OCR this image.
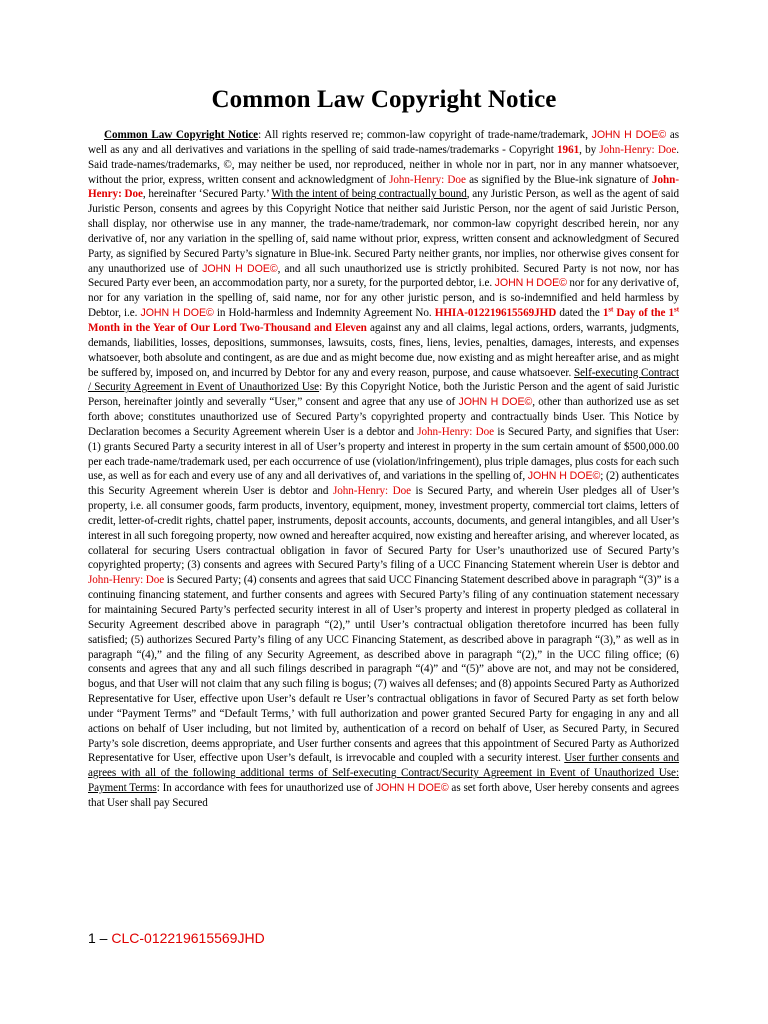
Common Law Copyright Notice
Common Law Copyright Notice: All rights reserved re; common-law copyright of trade-name/trademark, JOHN H DOE© as well as any and all derivatives and variations in the spelling of said trade-names/trademarks - Copyright 1961, by John-Henry: Doe. Said trade-names/trademarks, ©, may neither be used, nor reproduced, neither in whole nor in part, nor in any manner whatsoever, without the prior, express, written consent and acknowledgment of John-Henry: Doe as signified by the Blue-ink signature of John-Henry: Doe, hereinafter ‘Secured Party.’ With the intent of being contractually bound, any Juristic Person, as well as the agent of said Juristic Person, consents and agrees by this Copyright Notice that neither said Juristic Person, nor the agent of said Juristic Person, shall display, nor otherwise use in any manner, the trade-name/trademark, nor common-law copyright described herein, nor any derivative of, nor any variation in the spelling of, said name without prior, express, written consent and acknowledgment of Secured Party, as signified by Secured Party’s signature in Blue-ink. Secured Party neither grants, nor implies, nor otherwise gives consent for any unauthorized use of JOHN H DOE©, and all such unauthorized use is strictly prohibited. Secured Party is not now, nor has Secured Party ever been, an accommodation party, nor a surety, for the purported debtor, i.e. JOHN H DOE© nor for any derivative of, nor for any variation in the spelling of, said name, nor for any other juristic person, and is so-indemnified and held harmless by Debtor, i.e. JOHN H DOE© in Hold-harmless and Indemnity Agreement No. HHIA-012219615569JHD dated the 1st Day of the 1st Month in the Year of Our Lord Two-Thousand and Eleven against any and all claims, legal actions, orders, warrants, judgments, demands, liabilities, losses, depositions, summonses, lawsuits, costs, fines, liens, levies, penalties, damages, interests, and expenses whatsoever, both absolute and contingent, as are due and as might become due, now existing and as might hereafter arise, and as might be suffered by, imposed on, and incurred by Debtor for any and every reason, purpose, and cause whatsoever. Self-executing Contract / Security Agreement in Event of Unauthorized Use: By this Copyright Notice, both the Juristic Person and the agent of said Juristic Person, hereinafter jointly and severally “User,” consent and agree that any use of JOHN H DOE©, other than authorized use as set forth above; constitutes unauthorized use of Secured Party’s copyrighted property and contractually binds User. This Notice by Declaration becomes a Security Agreement wherein User is a debtor and John-Henry: Doe is Secured Party, and signifies that User: (1) grants Secured Party a security interest in all of User’s property and interest in property in the sum certain amount of $500,000.00 per each trade-name/trademark used, per each occurrence of use (violation/infringement), plus triple damages, plus costs for each such use, as well as for each and every use of any and all derivatives of, and variations in the spelling of, JOHN H DOE©; (2) authenticates this Security Agreement wherein User is debtor and John-Henry: Doe is Secured Party, and wherein User pledges all of User’s property, i.e. all consumer goods, farm products, inventory, equipment, money, investment property, commercial tort claims, letters of credit, letter-of-credit rights, chattel paper, instruments, deposit accounts, accounts, documents, and general intangibles, and all User’s interest in all such foregoing property, now owned and hereafter acquired, now existing and hereafter arising, and wherever located, as collateral for securing Users contractual obligation in favor of Secured Party for User’s unauthorized use of Secured Party’s copyrighted property; (3) consents and agrees with Secured Party’s filing of a UCC Financing Statement wherein User is debtor and John-Henry: Doe is Secured Party; (4) consents and agrees that said UCC Financing Statement described above in paragraph “(3)” is a continuing financing statement, and further consents and agrees with Secured Party’s filing of any continuation statement necessary for maintaining Secured Party’s perfected security interest in all of User’s property and interest in property pledged as collateral in Security Agreement described above in paragraph “(2),” until User’s contractual obligation theretofore incurred has been fully satisfied; (5) authorizes Secured Party’s filing of any UCC Financing Statement, as described above in paragraph “(3),” as well as in paragraph “(4),” and the filing of any Security Agreement, as described above in paragraph “(2),” in the UCC filing office; (6) consents and agrees that any and all such filings described in paragraph “(4)” and “(5)” above are not, and may not be considered, bogus, and that User will not claim that any such filing is bogus; (7) waives all defenses; and (8) appoints Secured Party as Authorized Representative for User, effective upon User’s default re User’s contractual obligations in favor of Secured Party as set forth below under “Payment Terms” and “Default Terms,’ with full authorization and power granted Secured Party for engaging in any and all actions on behalf of User including, but not limited by, authentication of a record on behalf of User, as Secured Party, in Secured Party’s sole discretion, deems appropriate, and User further consents and agrees that this appointment of Secured Party as Authorized Representative for User, effective upon User’s default, is irrevocable and coupled with a security interest. User further consents and agrees with all of the following additional terms of Self-executing Contract/Security Agreement in Event of Unauthorized Use: Payment Terms: In accordance with fees for unauthorized use of JOHN H DOE© as set forth above, User hereby consents and agrees that User shall pay Secured
1 – CLC-012219615569JHD
